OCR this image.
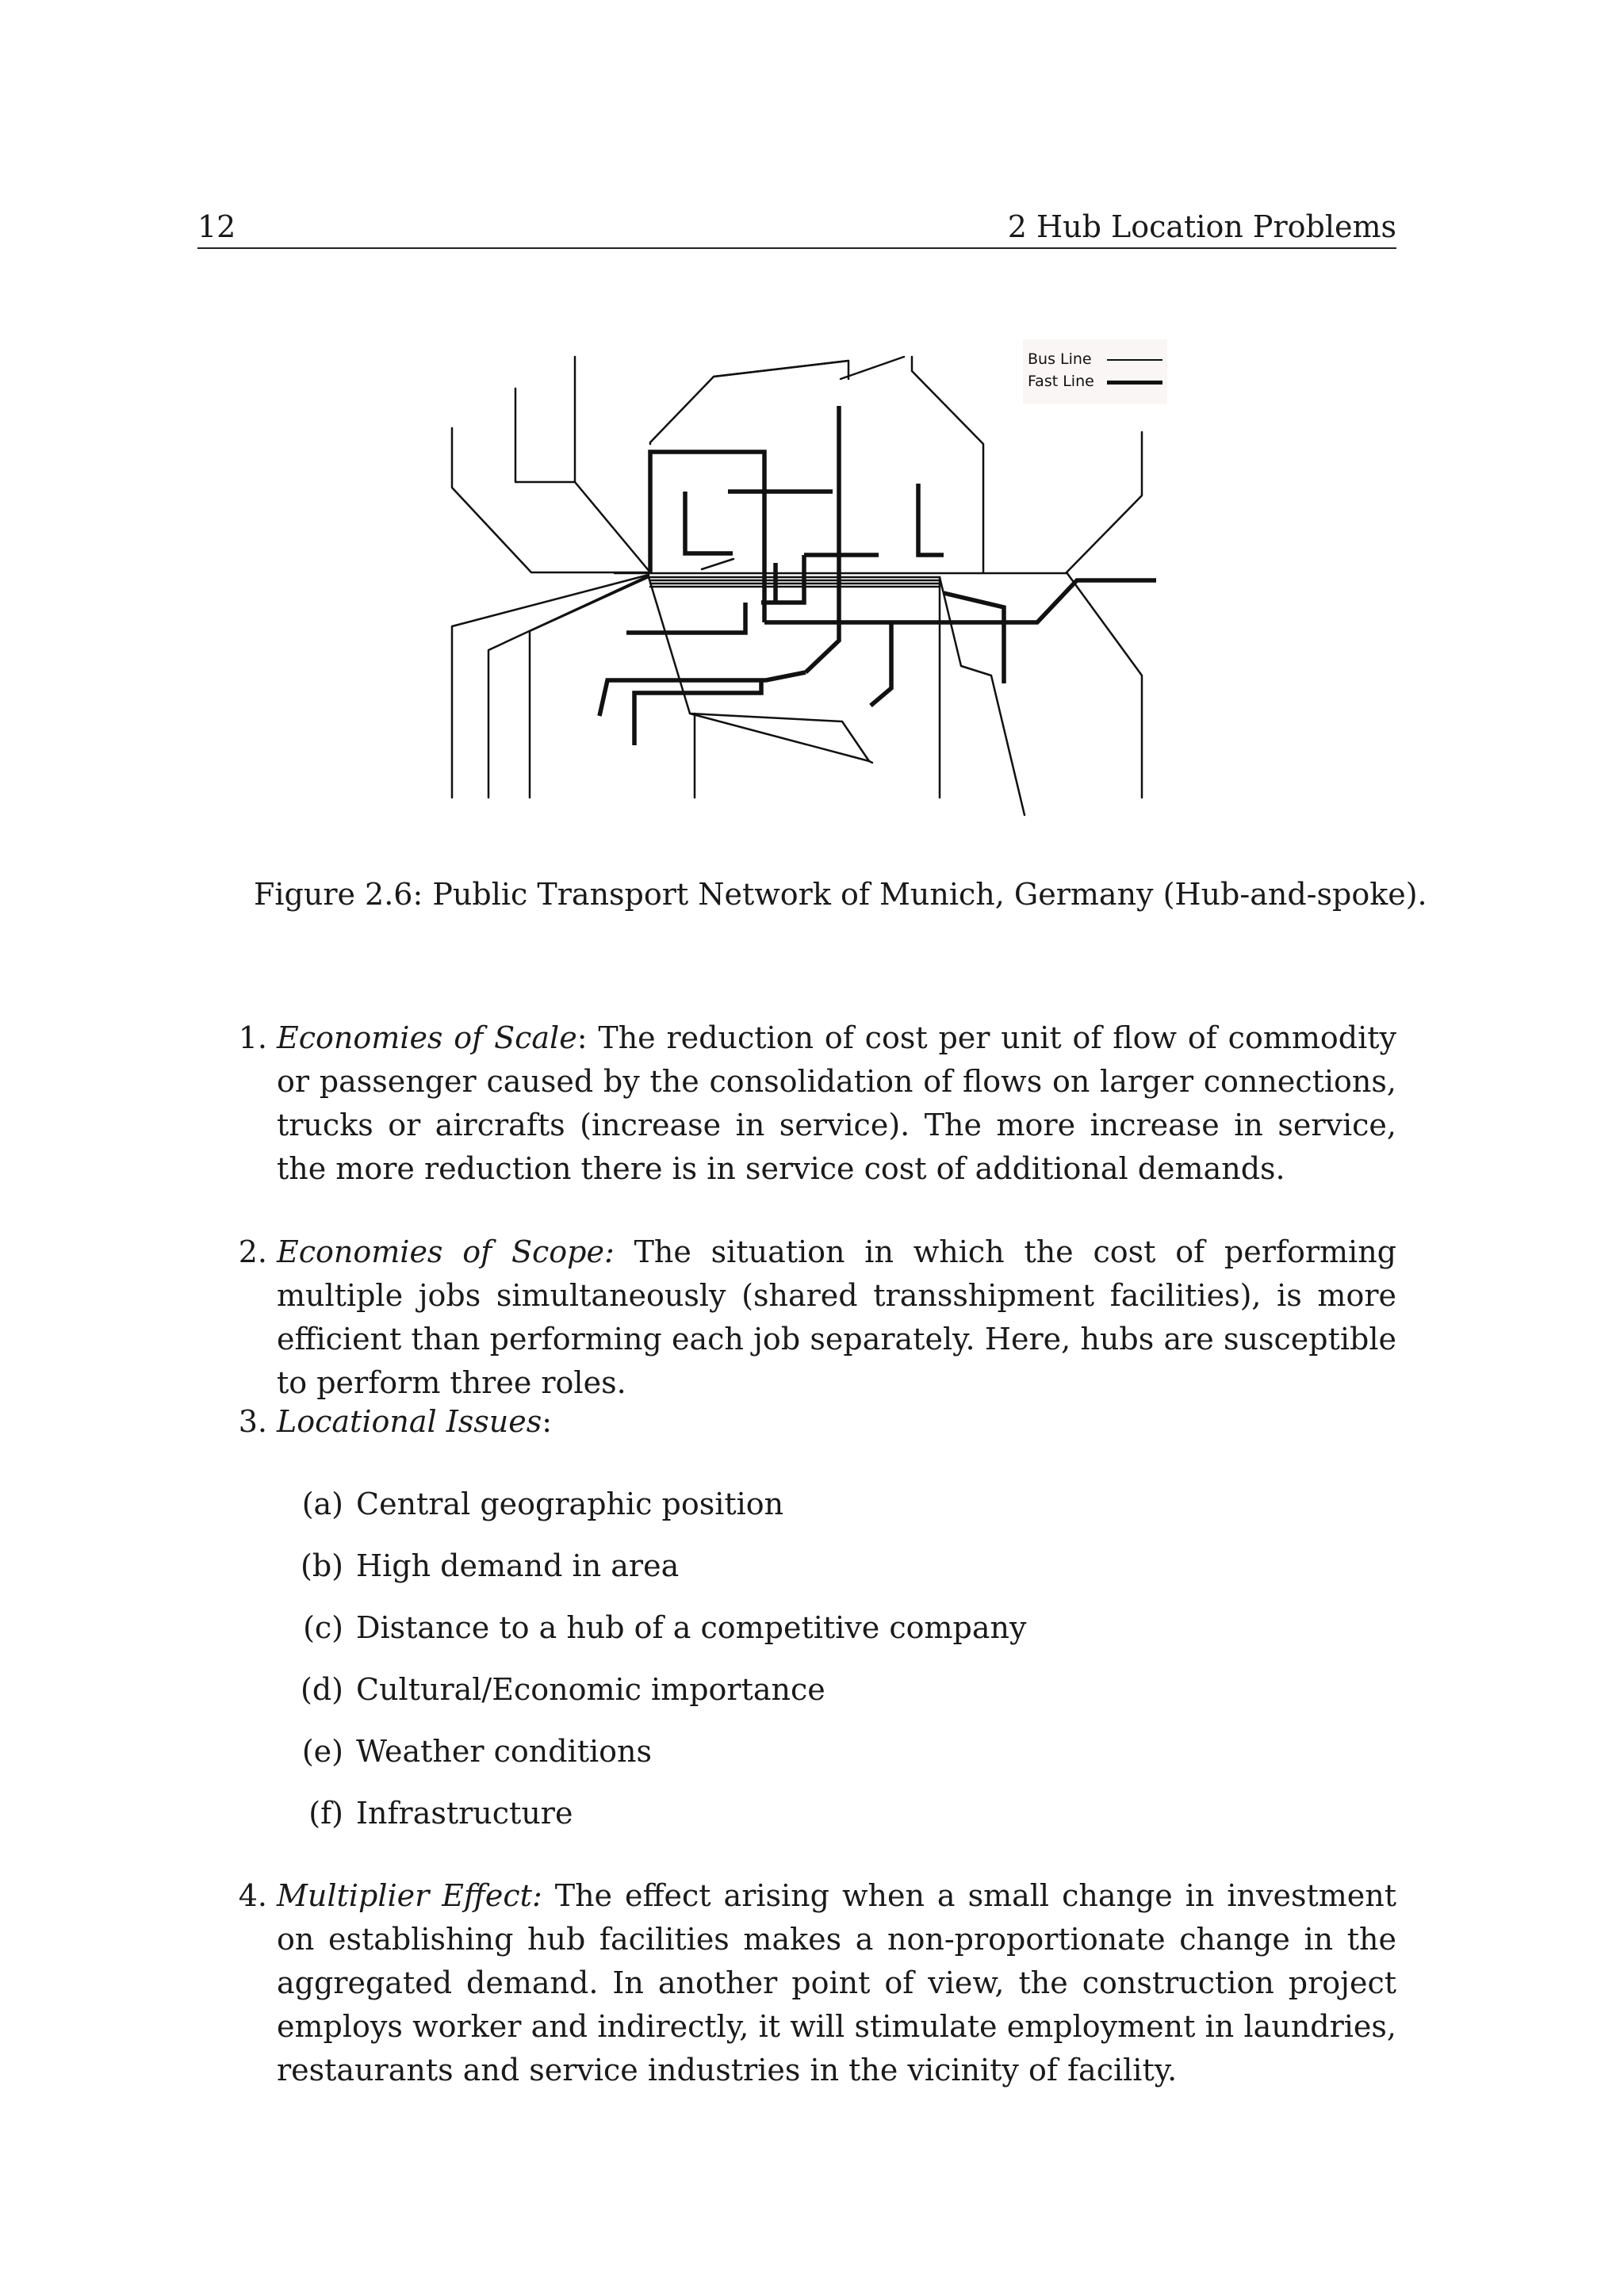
12	2 Hub Location Problems
Bus Line
Fast Line
Figure 2.6: Public Transport Network of Munich, Germany (Hub-and-spoke).
1. Economies of Scale: The reduction of cost per unit of flow of commodity or passenger caused by the consolidation of flows on larger connections, trucks or aircrafts (increase in service). The more increase in service, the more reduction there is in service cost of additional demands.
2. Economies of Scope: The situation in which the cost of performing multiple jobs simultaneously (shared transshipment facilities), is more efficient than performing each job separately. Here, hubs are susceptible to perform three roles.
3. Locational Issues:
(a) Central geographic position
(b) High demand in area
(c) Distance to a hub of a competitive company
(d) Cultural/Economic importance
(e) Weather conditions
(f) Infrastructure
4. Multiplier Effect: The effect arising when a small change in investment on establishing hub facilities makes a non-proportionate change in the aggregated demand. In another point of view, the construction project employs worker and indirectly, it will stimulate employment in laundries, restaurants and service industries in the vicinity of facility.
